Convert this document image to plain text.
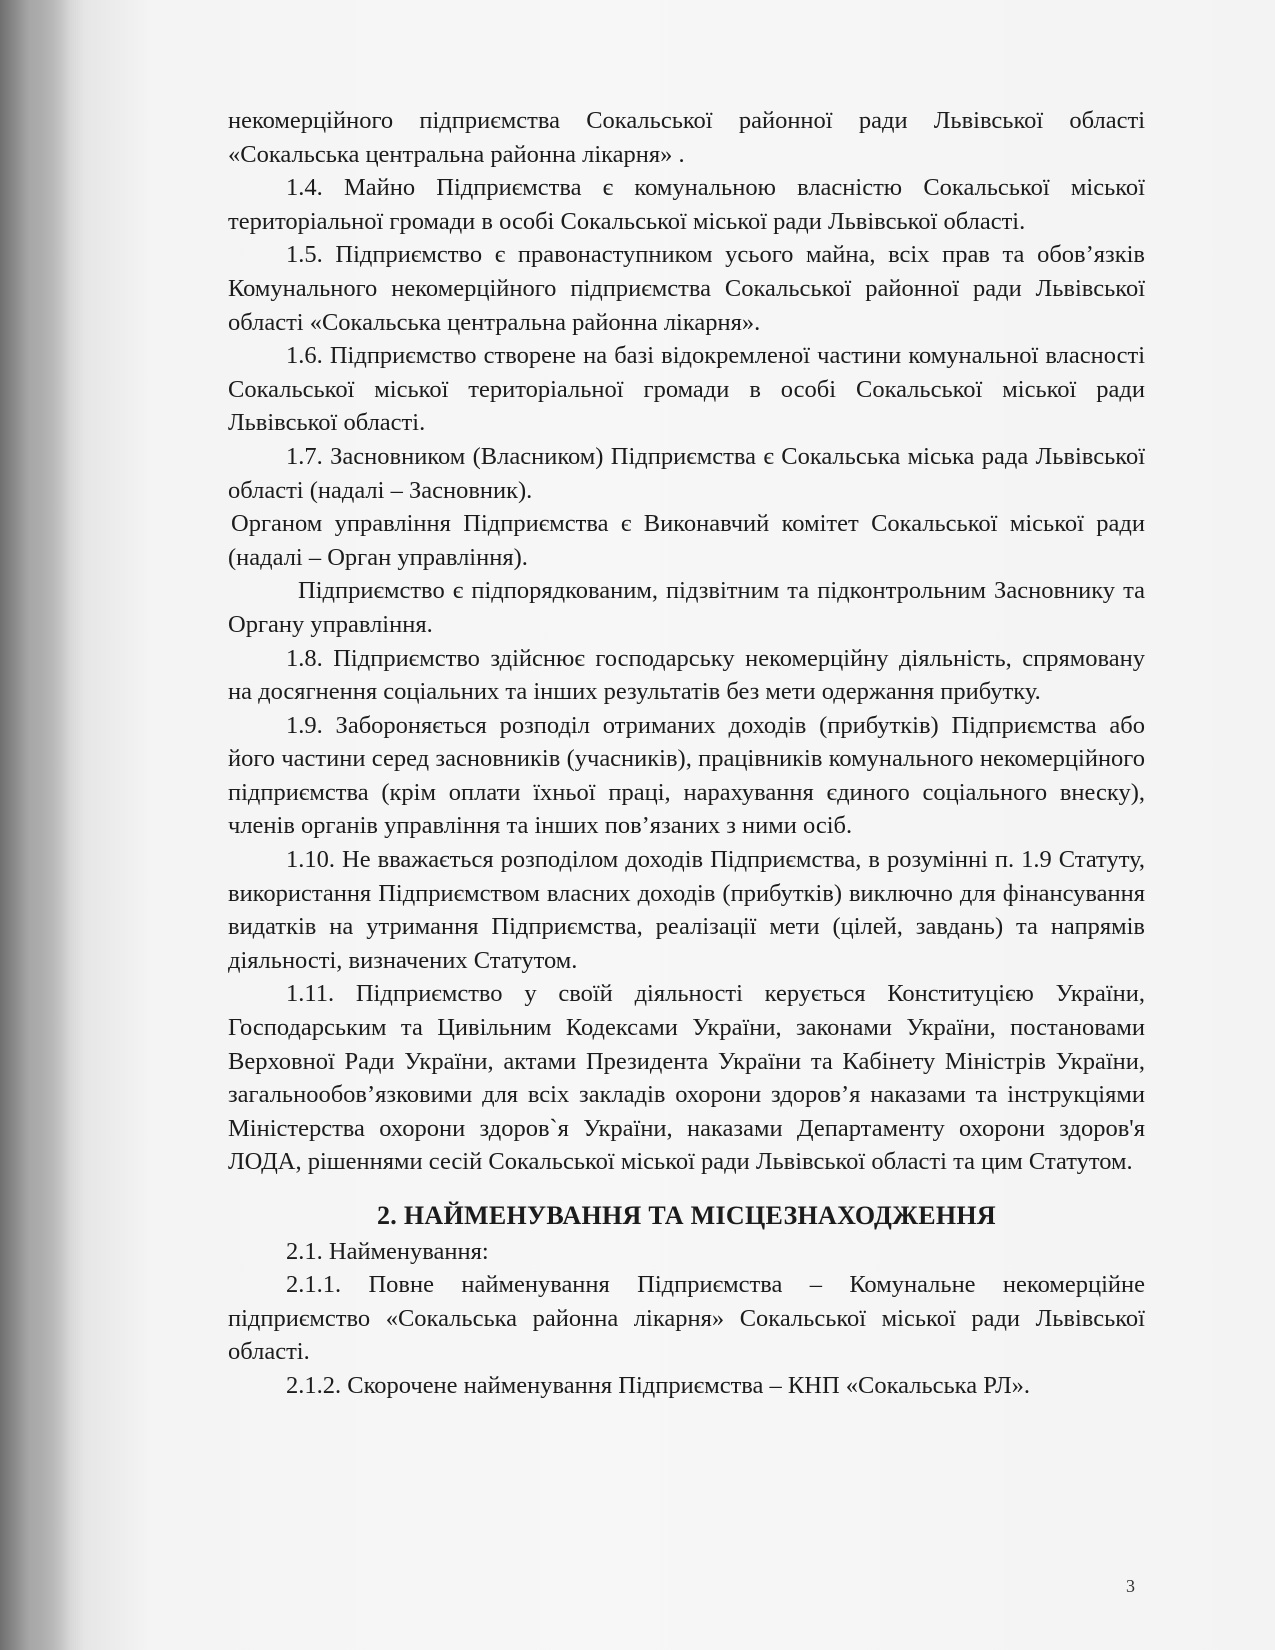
некомерційного підприємства Сокальської районної ради Львівської області «Сокальська центральна районна лікарня» .

1.4. Майно Підприємства є комунальною власністю Сокальської міської територіальної громади в особі Сокальської міської ради Львівської області.

1.5. Підприємство є правонаступником усього майна, всіх прав та обов’язків Комунального некомерційного підприємства Сокальської районної ради Львівської області «Сокальська центральна районна лікарня».

1.6. Підприємство створене на базі відокремленої частини комунальної власності Сокальської міської територіальної громади в особі Сокальської міської ради Львівської області.

1.7. Засновником (Власником) Підприємства є Сокальська міська рада Львівської області (надалі – Засновник).

Органом управління Підприємства є Виконавчий комітет Сокальської міської ради (надалі – Орган управління).

Підприємство є підпорядкованим, підзвітним та підконтрольним Засновнику та Органу управління.

1.8. Підприємство здійснює господарську некомерційну діяльність, спрямовану на досягнення соціальних та інших результатів без мети одержання прибутку.

1.9. Забороняється розподіл отриманих доходів (прибутків) Підприємства або його частини серед засновників (учасників), працівників комунального некомерційного підприємства (крім оплати їхньої праці, нарахування єдиного соціального внеску), членів органів управління та інших пов’язаних з ними осіб.

1.10. Не вважається розподілом доходів Підприємства, в розумінні п. 1.9 Статуту, використання Підприємством власних доходів (прибутків) виключно для фінансування видатків на утримання Підприємства, реалізації мети (цілей, завдань) та напрямів діяльності, визначених Статутом.

1.11. Підприємство у своїй діяльності керується Конституцією України, Господарським та Цивільним Кодексами України, законами України, постановами Верховної Ради України, актами Президента України та Кабінету Міністрів України, загальнообов’язковими для всіх закладів охорони здоров’я наказами та інструкціями Міністерства охорони здоров`я України, наказами Департаменту охорони здоров'я ЛОДА, рішеннями сесій Сокальської міської ради Львівської області та цим Статутом.

2. НАЙМЕНУВАННЯ ТА МІСЦЕЗНАХОДЖЕННЯ

2.1. Найменування:

2.1.1. Повне найменування Підприємства – Комунальне некомерційне підприємство «Сокальська районна лікарня» Сокальської міської ради Львівської області.

2.1.2. Скорочене найменування Підприємства – КНП «Сокальська РЛ».

3
